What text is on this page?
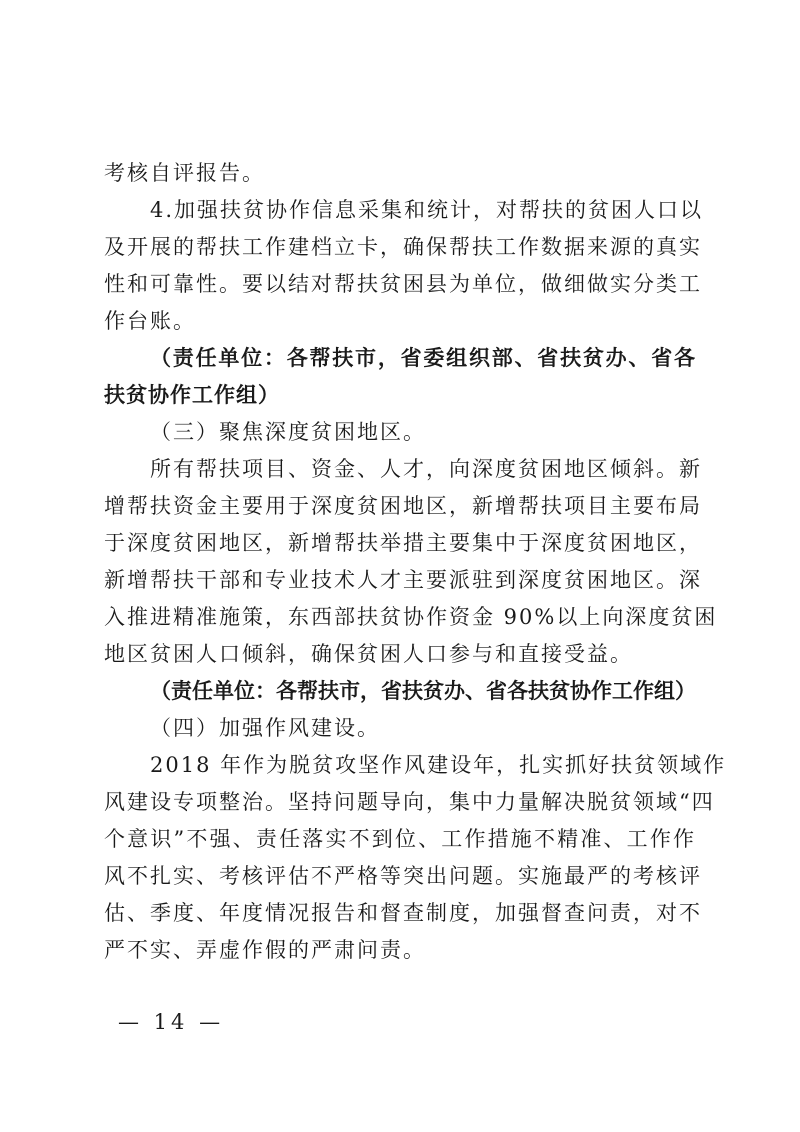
考核自评报告。
4.加强扶贫协作信息采集和统计，对帮扶的贫困人口以
及开展的帮扶工作建档立卡，确保帮扶工作数据来源的真实
性和可靠性。要以结对帮扶贫困县为单位，做细做实分类工
作台账。
（责任单位：各帮扶市，省委组织部、省扶贫办、省各
扶贫协作工作组）
（三）聚焦深度贫困地区。
所有帮扶项目、资金、人才，向深度贫困地区倾斜。新
增帮扶资金主要用于深度贫困地区，新增帮扶项目主要布局
于深度贫困地区，新增帮扶举措主要集中于深度贫困地区，
新增帮扶干部和专业技术人才主要派驻到深度贫困地区。深
入推进精准施策，东西部扶贫协作资金 90%以上向深度贫困
地区贫困人口倾斜，确保贫困人口参与和直接受益。
（责任单位：各帮扶市，省扶贫办、省各扶贫协作工作组）
（四）加强作风建设。
2018 年作为脱贫攻坚作风建设年，扎实抓好扶贫领域作
风建设专项整治。坚持问题导向，集中力量解决脱贫领域“四
个意识”不强、责任落实不到位、工作措施不精准、工作作
风不扎实、考核评估不严格等突出问题。实施最严的考核评
估、季度、年度情况报告和督查制度，加强督查问责，对不
严不实、弄虚作假的严肃问责。
— 14 —
